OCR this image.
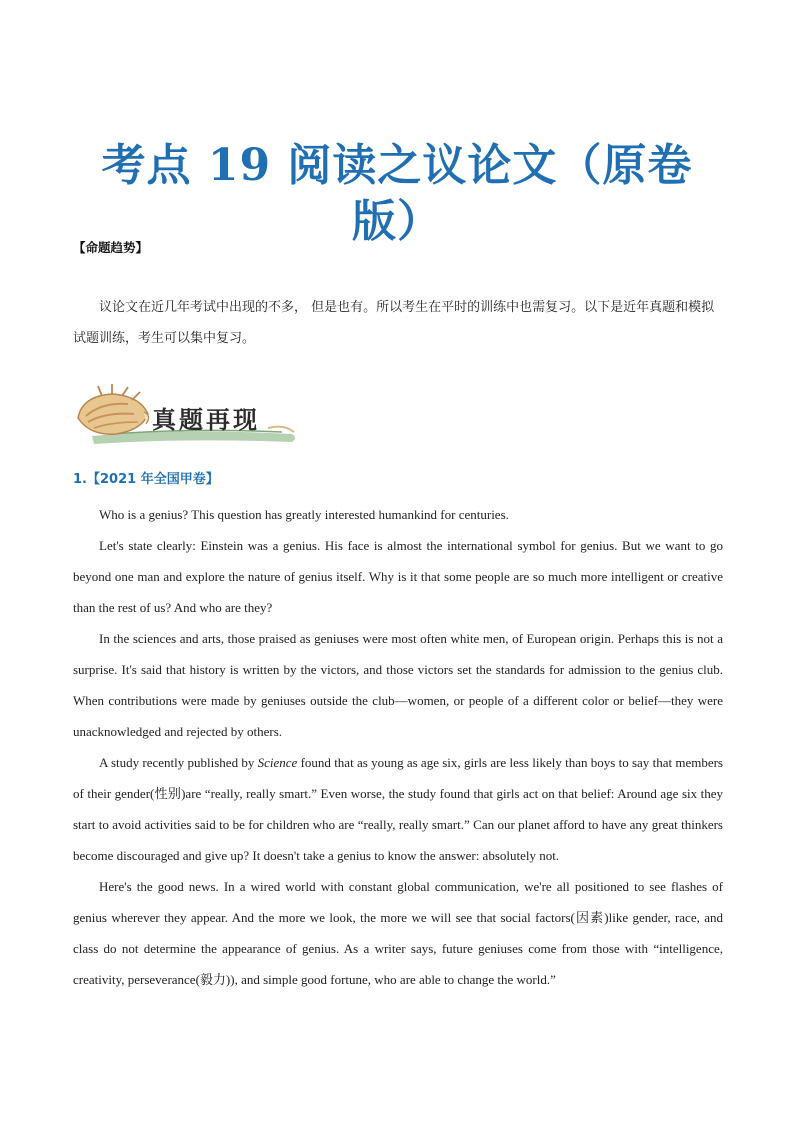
考点 19 阅读之议论文（原卷
版）
【命题趋势】
议论文在近几年考试中出现的不多， 但是也有。所以考生在平时的训练中也需复习。以下是近年真题和模拟试题训练，考生可以集中复习。
真题再现
1.【2021 年全国甲卷】

Who is a genius? This question has greatly interested humankind for centuries.

Let's state clearly: Einstein was a genius. His face is almost the international symbol for genius. But we want to go beyond one man and explore the nature of genius itself. Why is it that some people are so much more intelligent or creative than the rest of us? And who are they?

In the sciences and arts, those praised as geniuses were most often white men, of European origin. Perhaps this is not a surprise. It's said that history is written by the victors, and those victors set the standards for admission to the genius club. When contributions were made by geniuses outside the club—women, or people of a different color or belief—they were unacknowledged and rejected by others.

A study recently published by Science found that as young as age six, girls are less likely than boys to say that members of their gender(性别)are “really, really smart.” Even worse, the study found that girls act on that belief: Around age six they start to avoid activities said to be for children who are “really, really smart.” Can our planet afford to have any great thinkers become discouraged and give up? It doesn't take a genius to know the answer: absolutely not.

Here's the good news. In a wired world with constant global communication, we're all positioned to see flashes of genius wherever they appear. And the more we look, the more we will see that social factors(因素)like gender, race, and class do not determine the appearance of genius. As a writer says, future geniuses come from those with “intelligence, creativity, perseverance(毅力)), and simple good fortune, who are able to change the world.”
